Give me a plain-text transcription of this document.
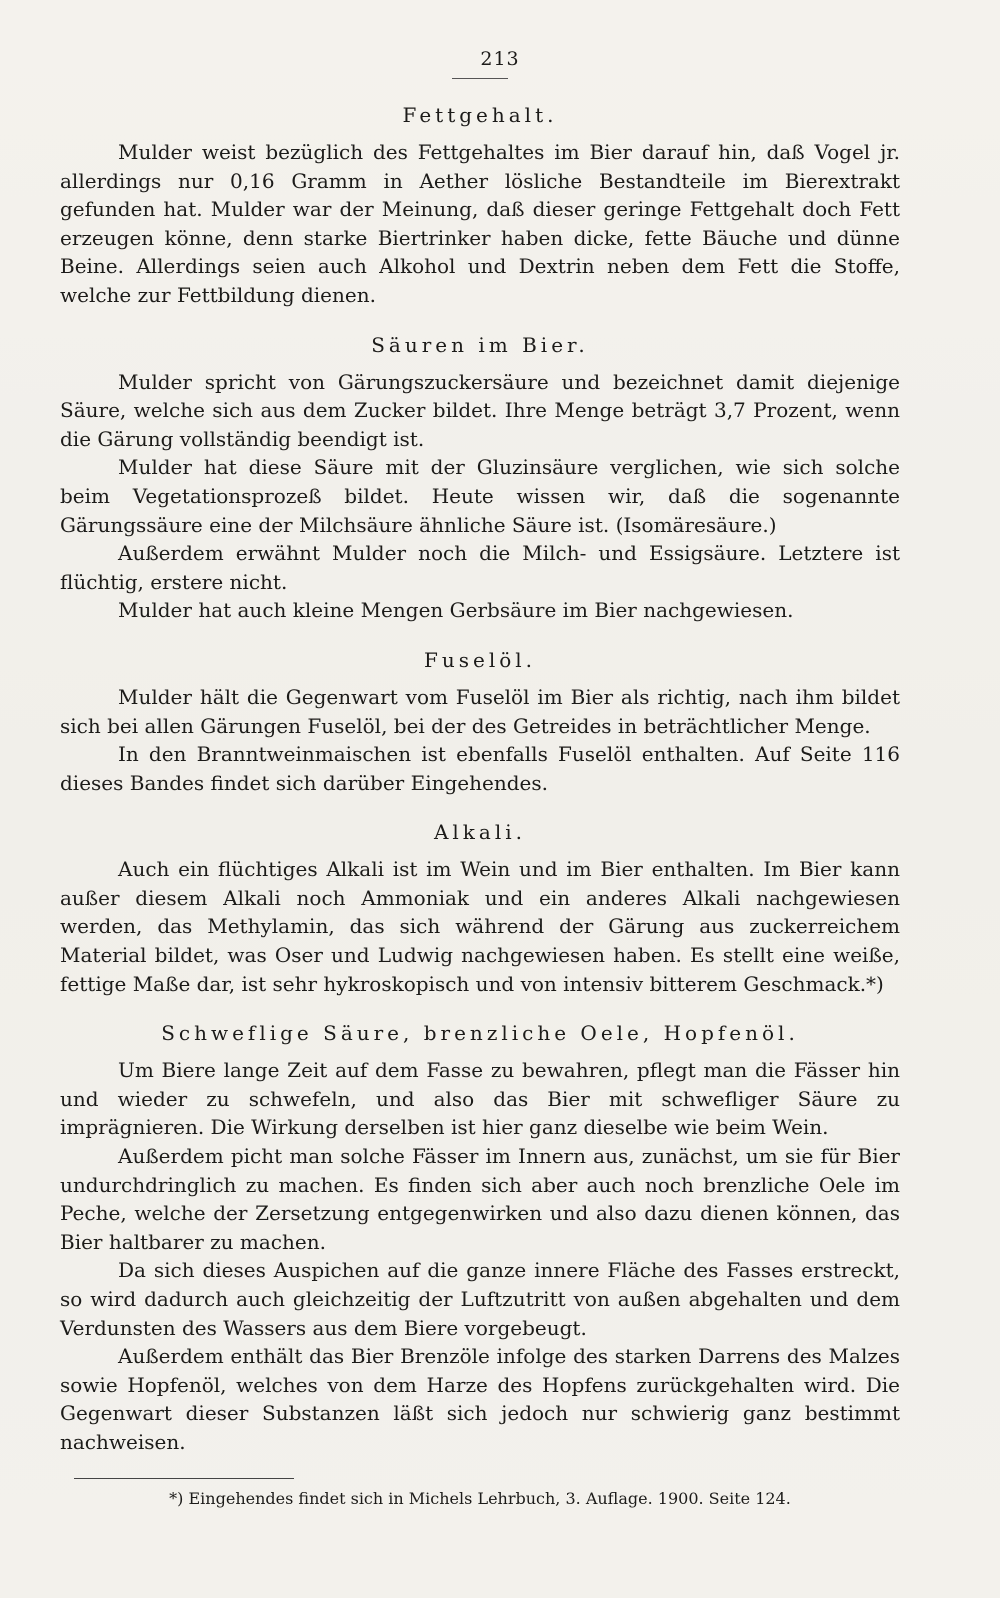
213
Fettgehalt.

Mulder weist bezüglich des Fettgehaltes im Bier darauf hin, daß Vogel jr. allerdings nur 0,16 Gramm in Aether lösliche Bestandteile im Bierextrakt gefunden hat. Mulder war der Meinung, daß dieser geringe Fettgehalt doch Fett erzeugen könne, denn starke Biertrinker haben dicke, fette Bäuche und dünne Beine. Allerdings seien auch Alkohol und Dextrin neben dem Fett die Stoffe, welche zur Fettbildung dienen.

Säuren im Bier.

Mulder spricht von Gärungszuckersäure und bezeichnet damit diejenige Säure, welche sich aus dem Zucker bildet. Ihre Menge beträgt 3,7 Prozent, wenn die Gärung vollständig beendigt ist.

Mulder hat diese Säure mit der Gluzinsäure verglichen, wie sich solche beim Vegetationsprozeß bildet. Heute wissen wir, daß die sogenannte Gärungssäure eine der Milchsäure ähnliche Säure ist. (Isomäresäure.)

Außerdem erwähnt Mulder noch die Milch- und Essigsäure. Letztere ist flüchtig, erstere nicht.

Mulder hat auch kleine Mengen Gerbsäure im Bier nachgewiesen.

Fuselöl.

Mulder hält die Gegenwart vom Fuselöl im Bier als richtig, nach ihm bildet sich bei allen Gärungen Fuselöl, bei der des Getreides in beträchtlicher Menge.

In den Branntweinmaischen ist ebenfalls Fuselöl enthalten. Auf Seite 116 dieses Bandes findet sich darüber Eingehendes.

Alkali.

Auch ein flüchtiges Alkali ist im Wein und im Bier enthalten. Im Bier kann außer diesem Alkali noch Ammoniak und ein anderes Alkali nachgewiesen werden, das Methylamin, das sich während der Gärung aus zuckerreichem Material bildet, was Oser und Ludwig nachgewiesen haben. Es stellt eine weiße, fettige Maße dar, ist sehr hykroskopisch und von intensiv bitterem Geschmack.*)

Schweflige Säure, brenzliche Oele, Hopfenöl.

Um Biere lange Zeit auf dem Fasse zu bewahren, pflegt man die Fässer hin und wieder zu schwefeln, und also das Bier mit schwefliger Säure zu imprägnieren. Die Wirkung derselben ist hier ganz dieselbe wie beim Wein.

Außerdem picht man solche Fässer im Innern aus, zunächst, um sie für Bier undurchdringlich zu machen. Es finden sich aber auch noch brenzliche Oele im Peche, welche der Zersetzung entgegenwirken und also dazu dienen können, das Bier haltbarer zu machen.

Da sich dieses Auspichen auf die ganze innere Fläche des Fasses erstreckt, so wird dadurch auch gleichzeitig der Luftzutritt von außen abgehalten und dem Verdunsten des Wassers aus dem Biere vorgebeugt.

Außerdem enthält das Bier Brenzöle infolge des starken Darrens des Malzes sowie Hopfenöl, welches von dem Harze des Hopfens zurückgehalten wird. Die Gegenwart dieser Substanzen läßt sich jedoch nur schwierig ganz bestimmt nachweisen.

*) Eingehendes findet sich in Michels Lehrbuch, 3. Auflage. 1900. Seite 124.
